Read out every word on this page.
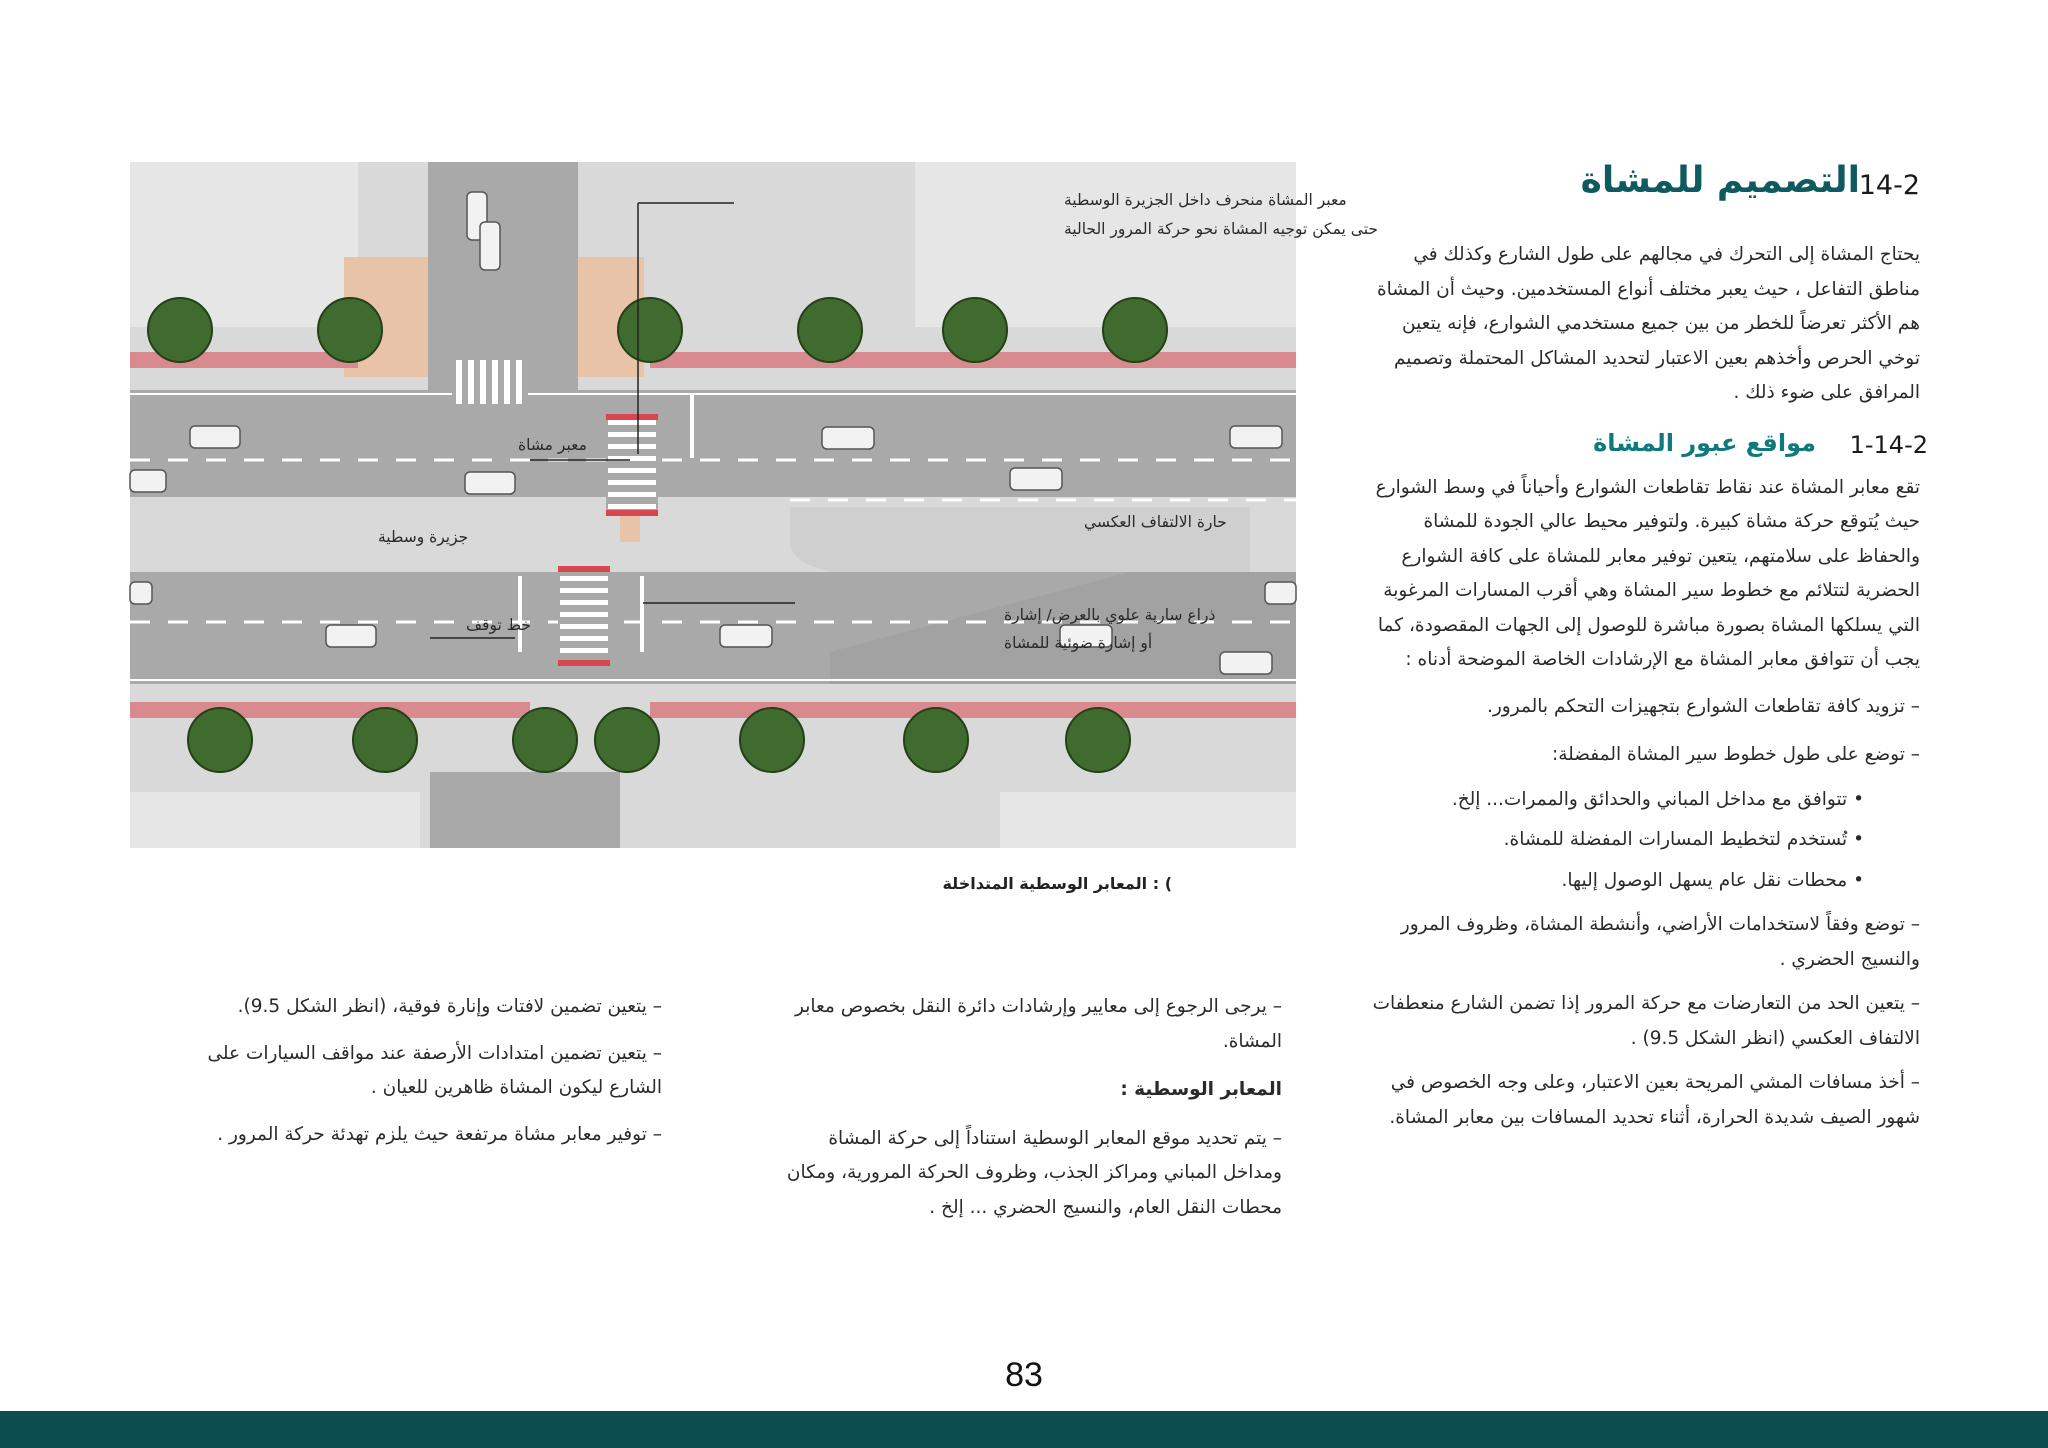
14-2
التصميم للمشاة

يحتاج المشاة إلى التحرك في مجالهم على طول الشارع وكذلك في مناطق التفاعل ، حيث يعبر مختلف أنواع المستخدمين. وحيث أن المشاة هم الأكثر تعرضاً للخطر من بين جميع مستخدمي الشوارع، فإنه يتعين توخي الحرص وأخذهم بعين الاعتبار لتحديد المشاكل المحتملة وتصميم المرافق على ضوء ذلك .

1-14-2
مواقع عبور المشاة

تقع معابر المشاة عند نقاط تقاطعات الشوارع وأحياناً في وسط الشوارع حيث يُتوقع حركة مشاة كبيرة. ولتوفير محيط عالي الجودة للمشاة والحفاظ على سلامتهم، يتعين توفير معابر للمشاة على كافة الشوارع الحضرية لتتلائم مع خطوط سير المشاة وهي أقرب المسارات المرغوبة التي يسلكها المشاة بصورة مباشرة للوصول إلى الجهات المقصودة، كما يجب أن تتوافق معابر المشاة مع الإرشادات الخاصة الموضحة أدناه :

– تزويد كافة تقاطعات الشوارع بتجهيزات التحكم بالمرور.

– توضع على طول خطوط سير المشاة المفضلة:

• تتوافق مع مداخل المباني والحدائق والممرات... إلخ.

• تُستخدم لتخطيط المسارات المفضلة للمشاة.

• محطات نقل عام يسهل الوصول إليها.

– توضع وفقاً لاستخدامات الأراضي، وأنشطة المشاة، وظروف المرور والنسيج الحضري .

– يتعين الحد من التعارضات مع حركة المرور إذا تضمن الشارع منعطفات الالتفاف العكسي (انظر الشكل 9.5) .

– أخذ مسافات المشي المريحة بعين الاعتبار، وعلى وجه الخصوص في شهور الصيف شديدة الحرارة، أثناء تحديد المسافات بين معابر المشاة.

– يرجى الرجوع إلى معايير وإرشادات دائرة النقل بخصوص معابر المشاة.

المعابر الوسطية :

– يتم تحديد موقع المعابر الوسطية استناداً إلى حركة المشاة ومداخل المباني ومراكز الجذب، وظروف الحركة المرورية، ومكان محطات النقل العام، والنسيج الحضري ... إلخ .

– يتعين تضمين لافتات وإنارة فوقية، (انظر الشكل 9.5).

– يتعين تضمين امتدادات الأرصفة عند مواقف السيارات على الشارع ليكون المشاة ظاهرين للعيان .

– توفير معابر مشاة مرتفعة حيث يلزم تهدئة حركة المرور .

معبر المشاة منحرف داخل الجزيرة الوسطية
حتى يمكن توجيه المشاة نحو حركة المرور الحالية
معبر مشاة
جزيرة وسطية
حارة الالتفاف العكسي
خط توقف
ذراع سارية علوي بالعرض/ إشارة
أو إشارة ضوئية للمشاة
) : المعابر الوسطية المتداخلة
83
